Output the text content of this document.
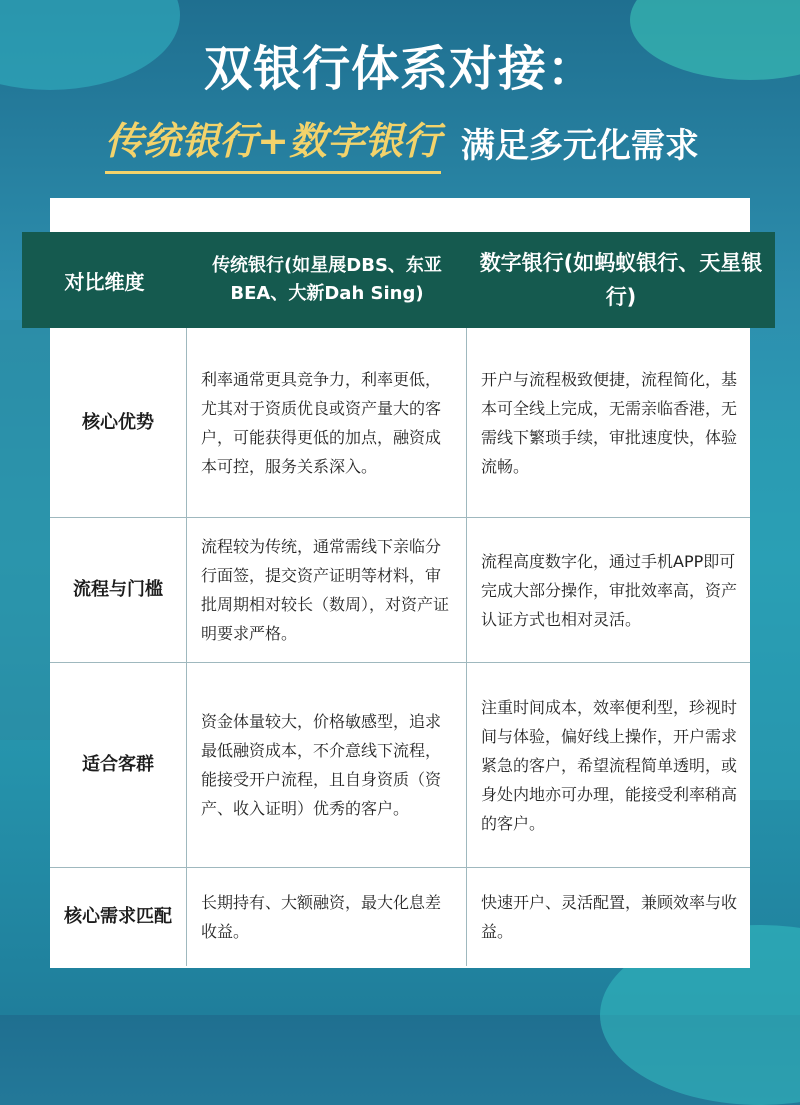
双银行体系对接：
传统银行+数字银行 满足多元化需求
对比维度
传统银行(如星展DBS、东亚BEA、大新Dah Sing)
数字银行(如蚂蚁银行、天星银行)
核心优势
利率通常更具竞争力，利率更低，尤其对于资质优良或资产量大的客户，可能获得更低的加点，融资成本可控，服务关系深入。
开户与流程极致便捷，流程简化，基本可全线上完成，无需亲临香港，无需线下繁琐手续，审批速度快，体验流畅。
流程与门槛
流程较为传统，通常需线下亲临分行面签，提交资产证明等材料，审批周期相对较长（数周），对资产证明要求严格。
流程高度数字化，通过手机APP即可完成大部分操作，审批效率高，资产认证方式也相对灵活。
适合客群
资金体量较大，价格敏感型，追求最低融资成本，不介意线下流程，能接受开户流程，且自身资质（资产、收入证明）优秀的客户。
注重时间成本，效率便利型，珍视时间与体验，偏好线上操作，开户需求紧急的客户，希望流程简单透明，或身处内地亦可办理，能接受利率稍高的客户。
核心需求匹配
长期持有、大额融资，最大化息差收益。
快速开户、灵活配置，兼顾效率与收益。
